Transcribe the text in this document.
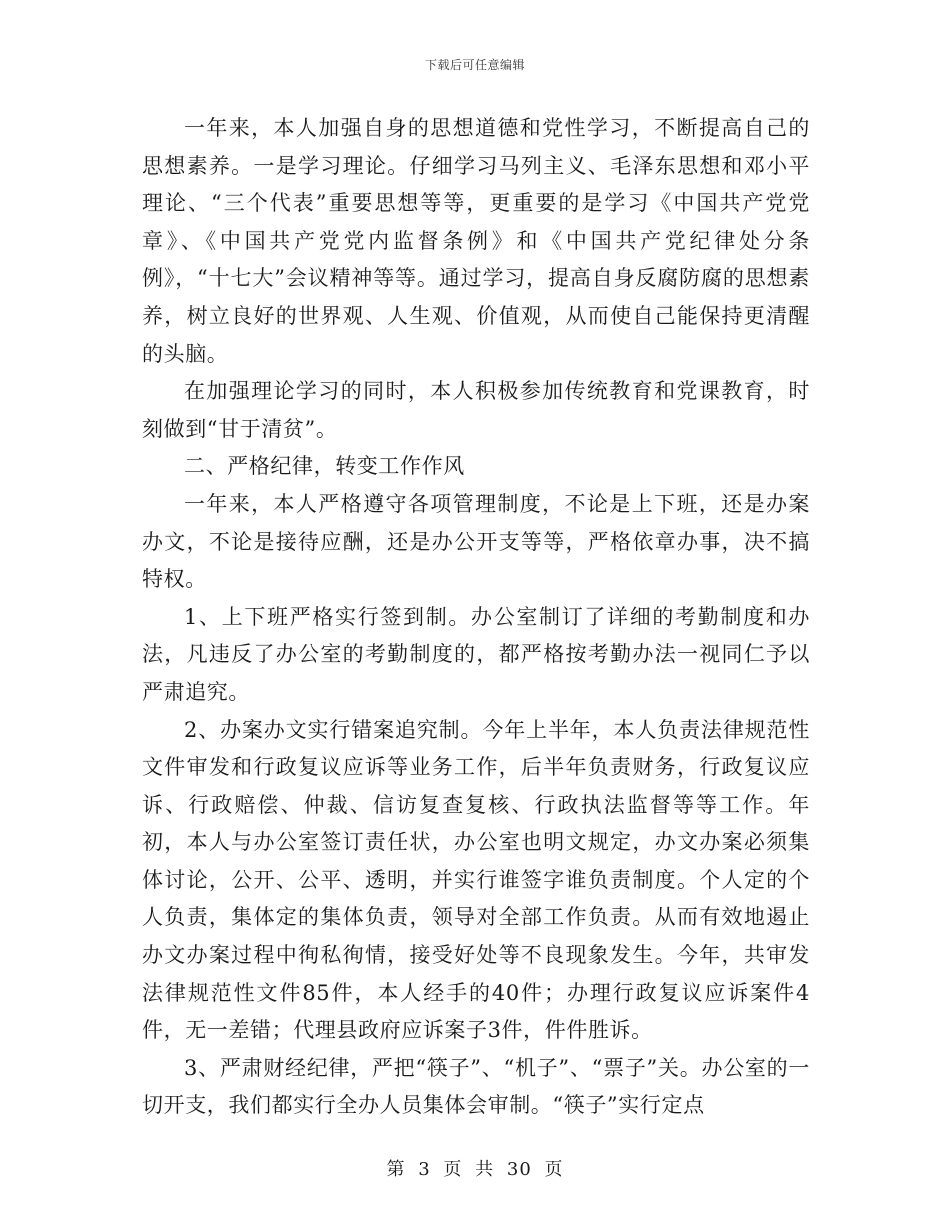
下载后可任意编辑

一年来，本人加强自身的思想道德和党性学习，不断提高自己的思想素养。一是学习理论。仔细学习马列主义、毛泽东思想和邓小平理论、“三个代表”重要思想等等，更重要的是学习《中国共产党党章》、《中国共产党党内监督条例》和《中国共产党纪律处分条例》，“十七大”会议精神等等。通过学习，提高自身反腐防腐的思想素养，树立良好的世界观、人生观、价值观，从而使自己能保持更清醒的头脑。

在加强理论学习的同时，本人积极参加传统教育和党课教育，时刻做到“甘于清贫”。

二、严格纪律，转变工作作风

一年来，本人严格遵守各项管理制度，不论是上下班，还是办案办文，不论是接待应酬，还是办公开支等等，严格依章办事，决不搞特权。

1、上下班严格实行签到制。办公室制订了详细的考勤制度和办法，凡违反了办公室的考勤制度的，都严格按考勤办法一视同仁予以严肃追究。

2、办案办文实行错案追究制。今年上半年，本人负责法律规范性文件审发和行政复议应诉等业务工作，后半年负责财务，行政复议应诉、行政赔偿、仲裁、信访复查复核、行政执法监督等等工作。年初，本人与办公室签订责任状，办公室也明文规定，办文办案必须集体讨论，公开、公平、透明，并实行谁签字谁负责制度。个人定的个人负责，集体定的集体负责，领导对全部工作负责。从而有效地遏止办文办案过程中徇私徇情，接受好处等不良现象发生。今年，共审发法律规范性文件85件，本人经手的40件；办理行政复议应诉案件4件，无一差错；代理县政府应诉案子3件，件件胜诉。

3、严肃财经纪律，严把“筷子”、“机子”、“票子”关。办公室的一切开支，我们都实行全办人员集体会审制。“筷子”实行定点

第 3 页 共 30 页
